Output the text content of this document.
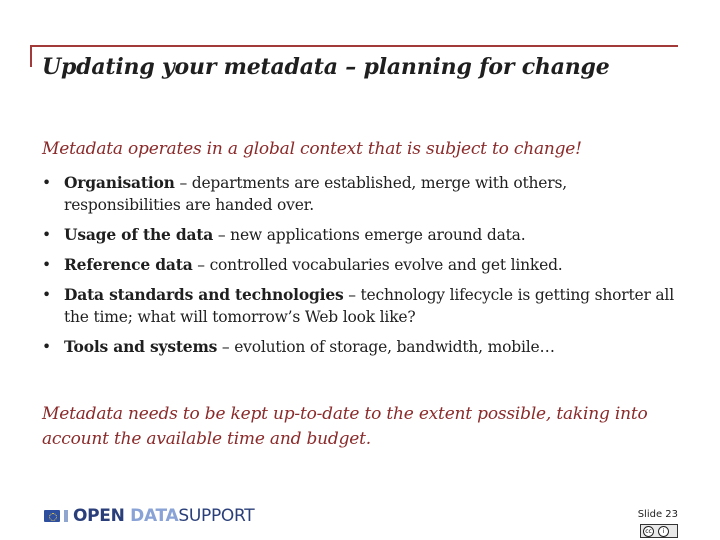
Updating your metadata – planning for change

Metadata operates in a global context that is subject to change!

• Organisation – departments are established, merge with others, responsibilities are handed over.
• Usage of the data – new applications emerge around data.
• Reference data – controlled vocabularies evolve and get linked.
• Data standards and technologies – technology lifecycle is getting shorter all the time; what will tomorrow’s Web look like?
• Tools and systems – evolution of storage, bandwidth, mobile…

Metadata needs to be kept up-to-date to the extent possible, taking into account the available time and budget.

OPEN DATASUPPORT	Slide 23
cc	i
